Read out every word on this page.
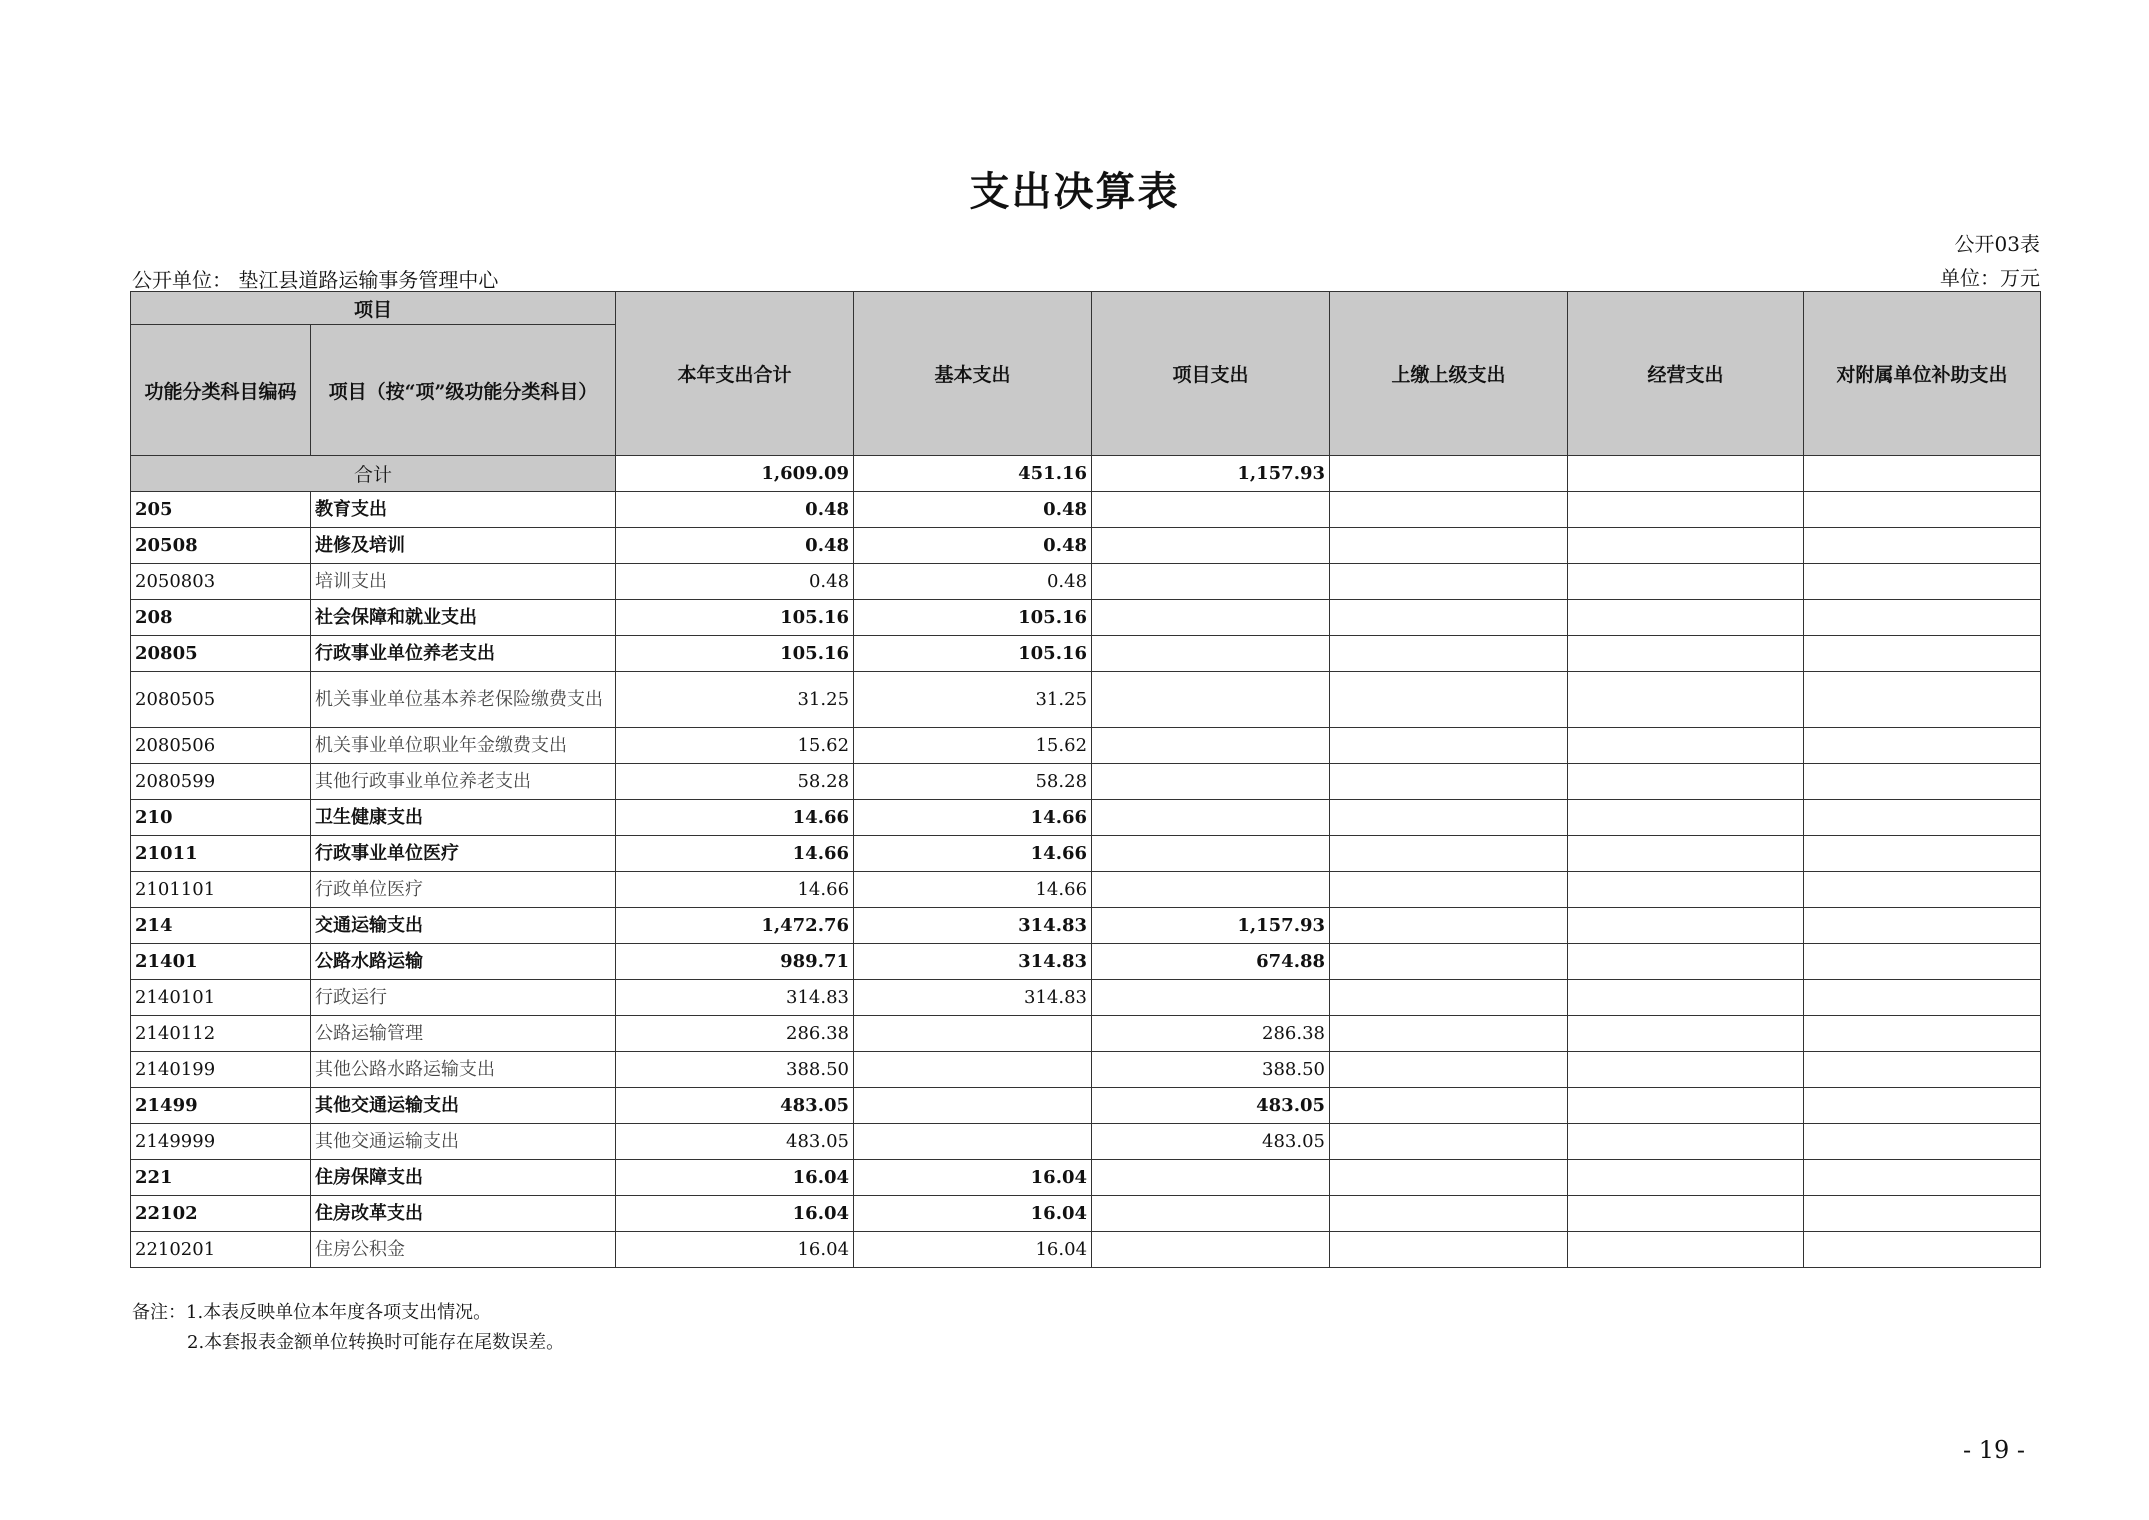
支出决算表
公开03表
公开单位： 垫江县道路运输事务管理中心	单位：万元
项目		本年支出合计	基本支出	项目支出	上缴上级支出	经营支出	对附属单位补助支出
功能分类科目编码	项目（按“项”级功能分类科目）						
合计		1,609.09	451.16	1,157.93			
205	教育支出	0.48	0.48				
20508	进修及培训	0.48	0.48				
2050803	培训支出	0.48	0.48				
208	社会保障和就业支出	105.16	105.16				
20805	行政事业单位养老支出	105.16	105.16				
2080505	机关事业单位基本养老保险缴费支出	31.25	31.25				
2080506	机关事业单位职业年金缴费支出	15.62	15.62				
2080599	其他行政事业单位养老支出	58.28	58.28				
210	卫生健康支出	14.66	14.66				
21011	行政事业单位医疗	14.66	14.66				
2101101	行政单位医疗	14.66	14.66				
214	交通运输支出	1,472.76	314.83	1,157.93			
21401	公路水路运输	989.71	314.83	674.88			
2140101	行政运行	314.83	314.83				
2140112	公路运输管理	286.38		286.38			
2140199	其他公路水路运输支出	388.50		388.50			
21499	其他交通运输支出	483.05		483.05			
2149999	其他交通运输支出	483.05		483.05			
221	住房保障支出	16.04	16.04				
22102	住房改革支出	16.04	16.04				
2210201	住房公积金	16.04	16.04				
备注：1.本表反映单位本年度各项支出情况。
2.本套报表金额单位转换时可能存在尾数误差。
- 19 -
